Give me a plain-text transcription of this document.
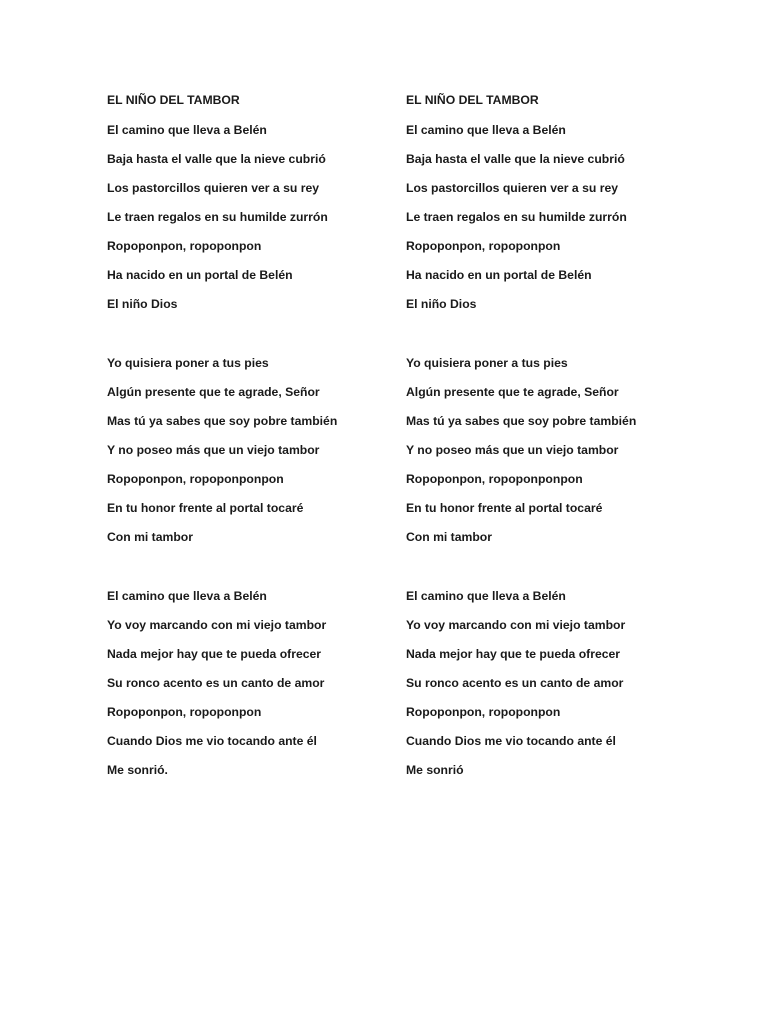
EL NIÑO DEL TAMBOR
El camino que lleva a Belén
Baja hasta el valle que la nieve cubrió
Los pastorcillos quieren ver a su rey
Le traen regalos en su humilde zurrón
Ropoponpon, ropoponpon
Ha nacido en un portal de Belén
El niño Dios
Yo quisiera poner a tus pies
Algún presente que te agrade, Señor
Mas tú ya sabes que soy pobre también
Y no poseo más que un viejo tambor
Ropoponpon, ropoponponpon
En tu honor frente al portal tocaré
Con mi tambor
El camino que lleva a Belén
Yo voy marcando con mi viejo tambor
Nada mejor hay que te pueda ofrecer
Su ronco acento es un canto de amor
Ropoponpon, ropoponpon
Cuando Dios me vio tocando ante él
Me sonrió.
EL NIÑO DEL TAMBOR
El camino que lleva a Belén
Baja hasta el valle que la nieve cubrió
Los pastorcillos quieren ver a su rey
Le traen regalos en su humilde zurrón
Ropoponpon, ropoponpon
Ha nacido en un portal de Belén
El niño Dios
Yo quisiera poner a tus pies
Algún presente que te agrade, Señor
Mas tú ya sabes que soy pobre también
Y no poseo más que un viejo tambor
Ropoponpon, ropoponponpon
En tu honor frente al portal tocaré
Con mi tambor
El camino que lleva a Belén
Yo voy marcando con mi viejo tambor
Nada mejor hay que te pueda ofrecer
Su ronco acento es un canto de amor
Ropoponpon, ropoponpon
Cuando Dios me vio tocando ante él
Me sonrió
